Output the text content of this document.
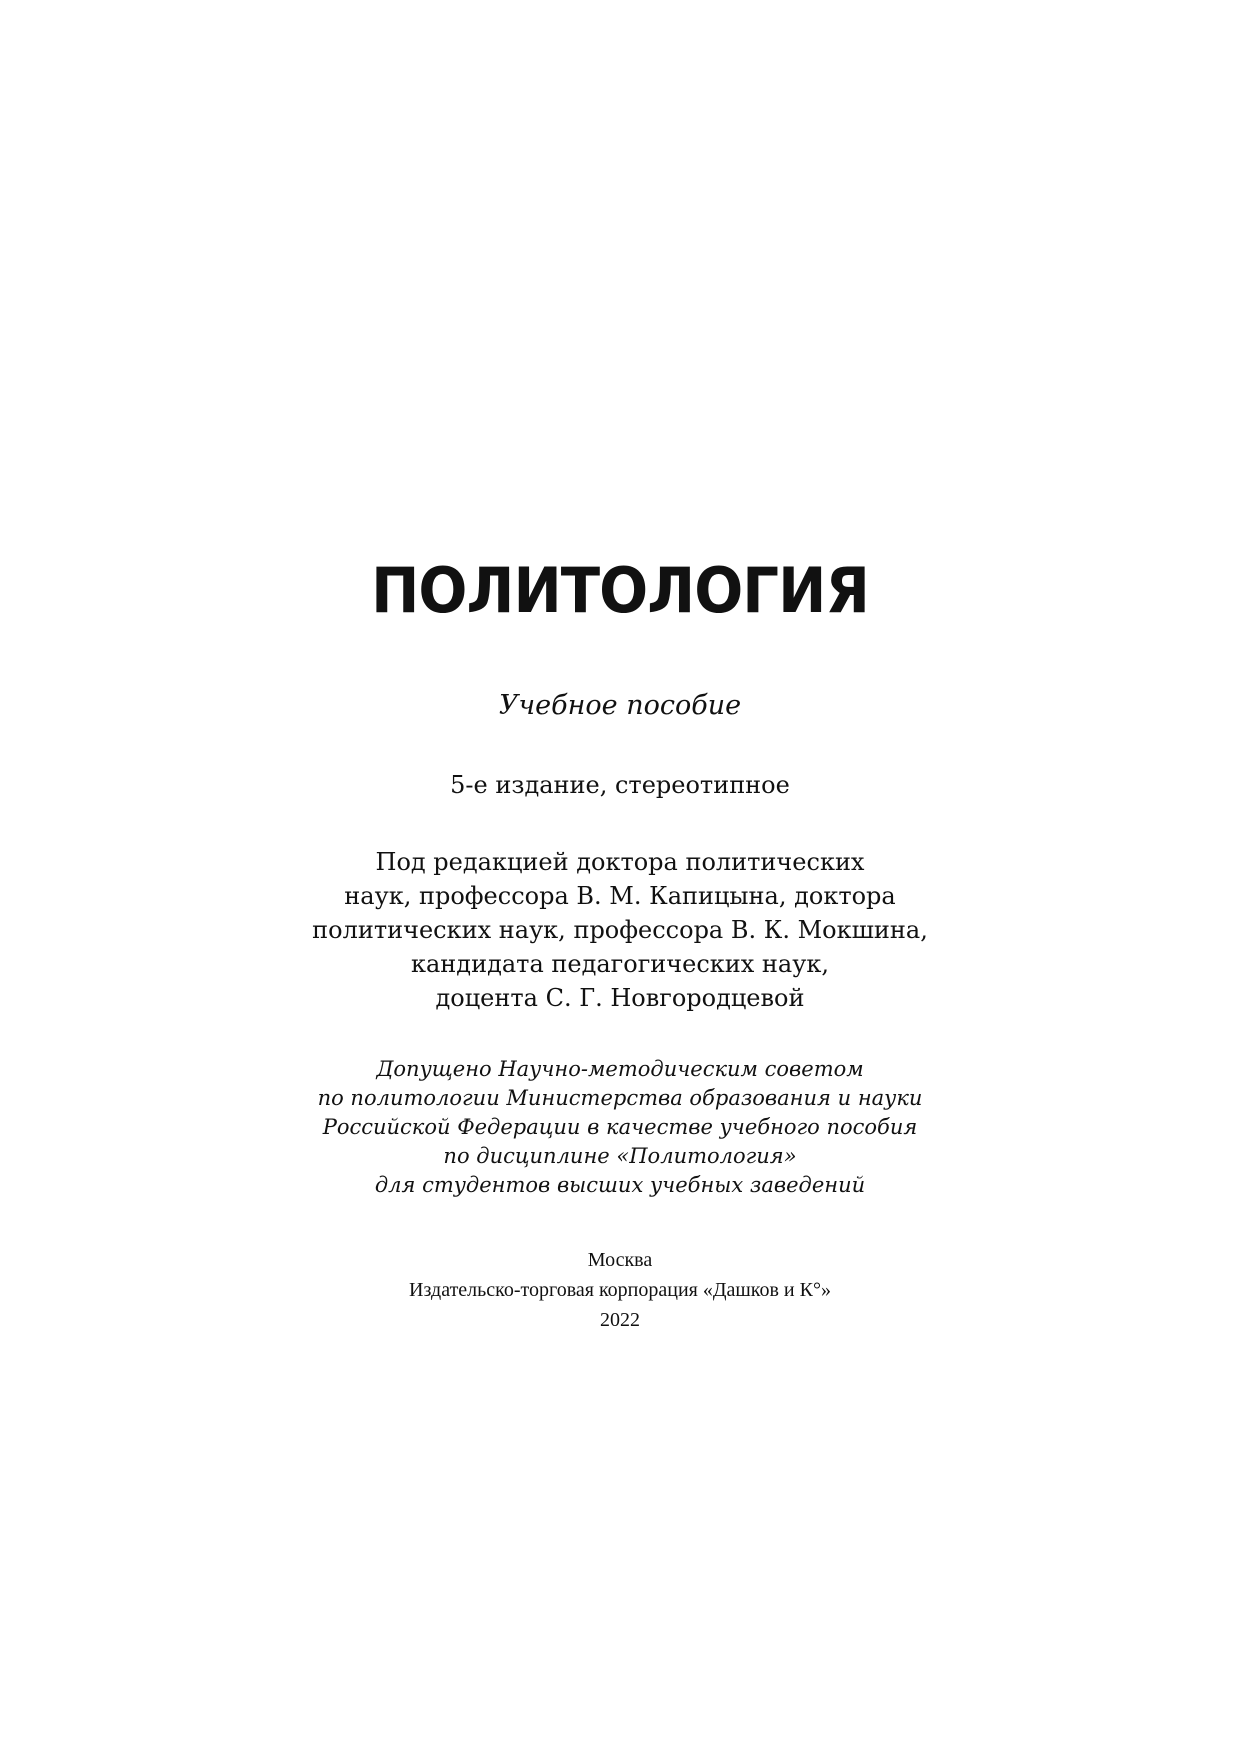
ПОЛИТОЛОГИЯ
Учебное пособие
5-е издание, стереотипное
Под редакцией доктора политических
наук, профессора В. М. Капицына, доктора
политических наук, профессора В. К. Мокшина,
кандидата педагогических наук,
доцента С. Г. Новгородцевой
Допущено Научно-методическим советом
по политологии Министерства образования и науки
Российской Федерации в качестве учебного пособия
по дисциплине «Политология»
для студентов высших учебных заведений
Москва
Издательско-торговая корпорация «Дашков и К°»
2022
